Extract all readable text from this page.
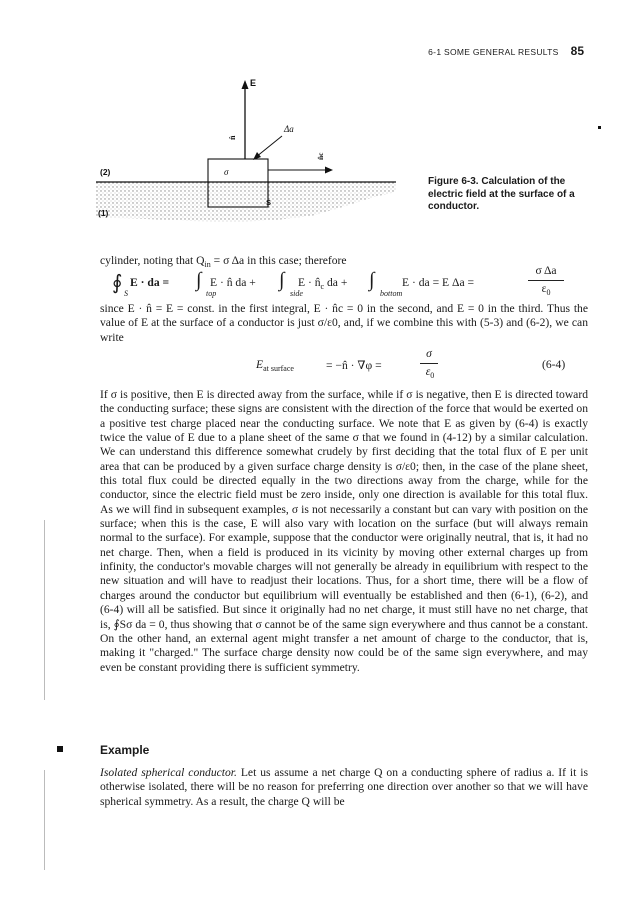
6-1 SOME GENERAL RESULTS 85
E
n̂
Δa
n̂c
σ
S
(2)
(1)
Figure 6-3. Calculation of the electric field at the surface of a conductor.
cylinder, noting that $Q_{in} = \sigma$ Δa in this case; therefore
∮ S
E · da = ∫
top
E · n̂ da + ∫
side
$E \cdot n̂_c$ da + ∫
bottom
E · da = E Δa =
σ Δa
$\varepsilon_0$
since E · n̂ = E = const. in the first integral, E · n̂c = 0 in the second, and E = 0 in the third. Thus the value of E at the surface of a conductor is just σ/ε0, and, if we combine this with (5-3) and (6-2), we can write
$E_{at surface}$	= −n̂ · ∇φ =
σ
$\varepsilon_0$
(6-4)
If σ is positive, then E is directed away from the surface, while if σ is negative, then E is directed toward the conducting surface; these signs are consistent with the direction of the force that would be exerted on a positive test charge placed near the conducting surface. We note that E as given by (6-4) is exactly twice the value of E due to a plane sheet of the same σ that we found in (4-12) by a similar calculation. We can understand this difference somewhat crudely by first deciding that the total flux of E per unit area that can be produced by a given surface charge density is σ/ε0; then, in the case of the plane sheet, this total flux could be directed equally in the two directions away from the charge, while for the conductor, since the electric field must be zero inside, only one direction is available for this total flux. As we will find in subsequent examples, σ is not necessarily a constant but can vary with position on the surface; when this is the case, E will also vary with location on the surface (but will always remain normal to the surface). For example, suppose that the conductor were originally neutral, that is, it had no net charge. Then, when a field is produced in its vicinity by moving other external charges up from infinity, the conductor's movable charges will not generally be already in equilibrium with respect to the new situation and will have to readjust their locations. Thus, for a short time, there will be a flow of charges around the conductor but equilibrium will eventually be established and then (6-1), (6-2), and (6-4) will all be satisfied. But since it originally had no net charge, it must still have no net charge, that is, ∮Sσ da = 0, thus showing that σ cannot be of the same sign everywhere and thus cannot be a constant. On the other hand, an external agent might transfer a net amount of charge to the conductor, that is, making it "charged." The surface charge density now could be of the same sign everywhere, and may even be constant providing there is sufficient symmetry.
Example
Isolated spherical conductor. Let us assume a net charge Q on a conducting sphere of radius a. If it is otherwise isolated, there will be no reason for preferring one direction over another so that we will have spherical symmetry. As a result, the charge Q will be
